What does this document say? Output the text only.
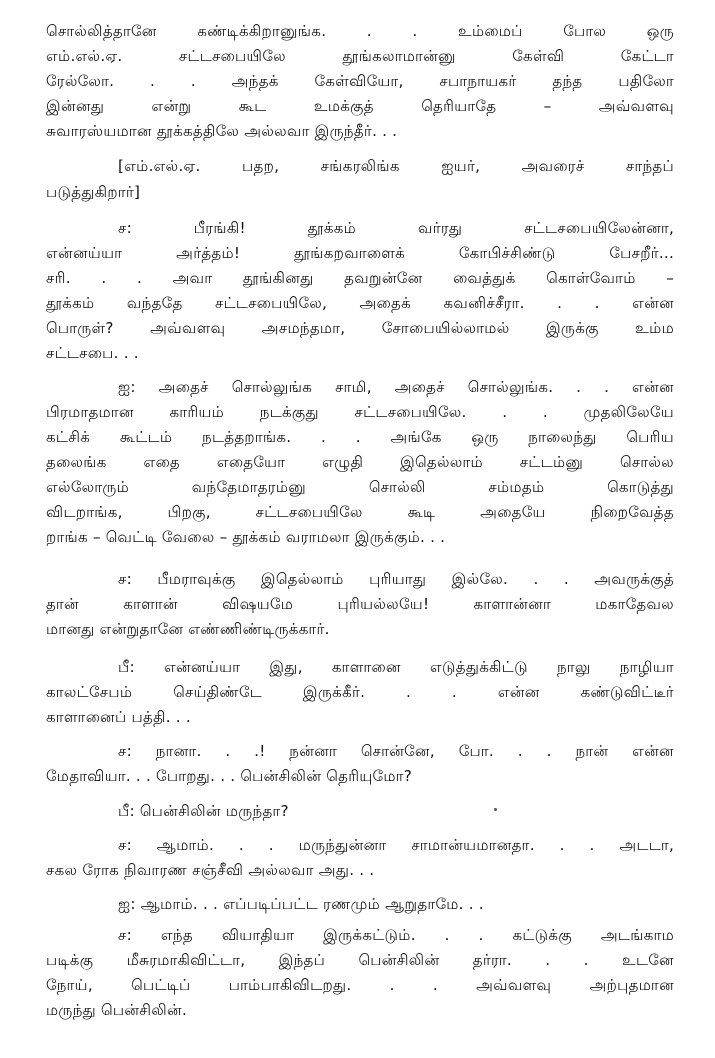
சொல்லித்தானே கண்டிக்கிறானுங்க. . . உம்மைப் போல ஒரு
எம்.எல்.ஏ. சட்டசபையிலே தூங்கலாமான்னு கேள்வி கேட்டா
ரேல்லோ. . . அந்தக் கேள்வியோ, சபாநாயகர் தந்த பதிலோ
இன்னது என்று கூட உமக்குத் தெரியாதே – அவ்வளவு
சுவாரஸ்யமான தூக்கத்திலே அல்லவா இருந்தீர். . .
[எம்.எல்.ஏ. பதற, சங்கரலிங்க ஐயர், அவரைச் சாந்தப்
படுத்துகிறார்]
ச: பீரங்கி! தூக்கம் வர்ரது சட்டசபையிலேன்னா,
என்னய்யா அர்த்தம்! தூங்கறவாளைக் கோபிச்சிண்டு பேசறீர்...
சரி. . . அவா தூங்கினது தவறுன்னே வைத்துக் கொள்வோம் –
தூக்கம் வந்ததே சட்டசபையிலே, அதைக் கவனிச்சீரா. . . என்ன
பொருள்? அவ்வளவு அசமந்தமா, சோபையில்லாமல் இருக்கு உம்ம
சட்டசபை. . .
ஐ: அதைச் சொல்லுங்க சாமி, அதைச் சொல்லுங்க. . . என்ன
பிரமாதமான காரியம் நடக்குது சட்டசபையிலே. . . முதலிலேயே
கட்சிக் கூட்டம் நடத்தறாங்க. . . அங்கே ஒரு நாலைந்து பெரிய
தலைங்க எதை எதையோ எழுதி இதெல்லாம் சட்டம்னு சொல்ல
எல்லோரும் வந்தேமாதரம்னு சொல்லி சம்மதம் கொடுத்து
விடறாங்க, பிறகு, சட்டசபையிலே கூடி அதையே நிறைவேத்த
றாங்க – வெட்டி வேலை – தூக்கம் வராமலா இருக்கும். . .
ச: பீமராவுக்கு இதெல்லாம் புரியாது இல்லே. . . அவருக்குத்
தான் காளான் விஷயமே புரியல்லயே! காளான்னா மகாதேவல
மானது என்றுதானே எண்ணிண்டிருக்கார்.
பீ: என்னய்யா இது, காளானை எடுத்துக்கிட்டு நாலு நாழியா
காலட்சேபம் செய்திண்டே இருக்கீர். . . என்ன கண்டுவிட்டீர்
காளானைப் பத்தி. . .
ச: நானா. . .! நன்னா சொன்னே, போ. . . நான் என்ன
மேதாவியா. . . போறது. . . பென்சிலின் தெரியுமோ?
பீ: பென்சிலின் மருந்தா?
ச: ஆமாம். . . மருந்துன்னா சாமான்யமானதா. . . அடடா,
சகல ரோக நிவாரண சஞ்சீவி அல்லவா அது. . .
ஐ: ஆமாம். . . எப்படிப்பட்ட ரணமும் ஆறுதாமே. . .
ச: எந்த வியாதியா இருக்கட்டும். . . கட்டுக்கு அடங்காம
படிக்கு மீசுரமாகிவிட்டா, இந்தப் பென்சிலின் தர்ரா. . . உடனே
நோய், பெட்டிப் பாம்பாகிவிடறது. . . அவ்வளவு அற்புதமான
மருந்து பென்சிலின்.
